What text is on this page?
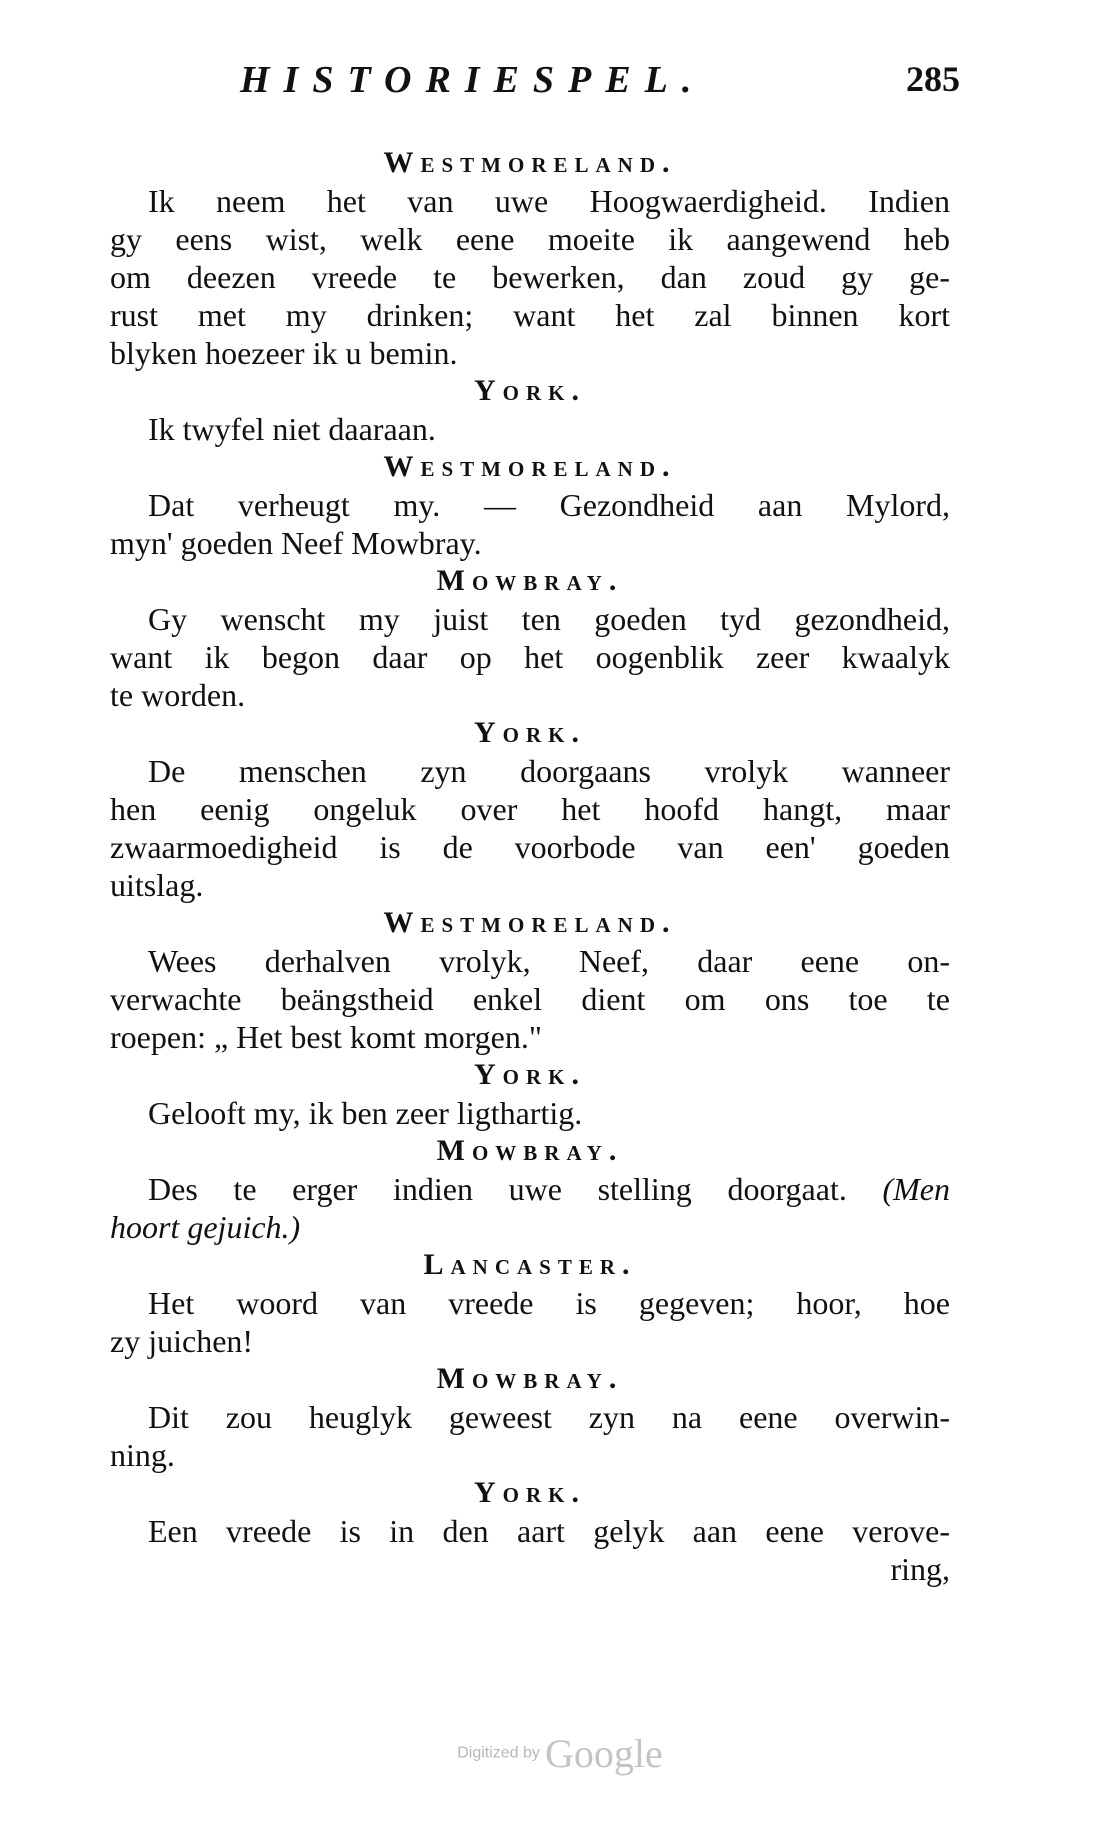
HISTORIESPEL.	285
Westmoreland.
Ik neem het van uwe Hoogwaerdigheid. Indien
gy eens wist, welk eene moeite ik aangewend heb
om deezen vreede te bewerken, dan zoud gy ge-
rust met my drinken; want het zal binnen kort
blyken hoezeer ik u bemin.
York.
Ik twyfel niet daaraan.
Westmoreland.
Dat verheugt my. — Gezondheid aan Mylord,
myn' goeden Neef Mowbray.
Mowbray.
Gy wenscht my juist ten goeden tyd gezondheid,
want ik begon daar op het oogenblik zeer kwaalyk
te worden.
York.
De menschen zyn doorgaans vrolyk wanneer
hen eenig ongeluk over het hoofd hangt, maar
zwaarmoedigheid is de voorbode van een' goeden
uitslag.
Westmoreland.
Wees derhalven vrolyk, Neef, daar eene on-
verwachte beängstheid enkel dient om ons toe te
roepen: „ Het best komt morgen."
York.
Gelooft my, ik ben zeer ligthartig.
Mowbray.
Des te erger indien uwe stelling doorgaat. (Men
hoort gejuich.)
Lancaster.
Het woord van vreede is gegeven; hoor, hoe
zy juichen!
Mowbray.
Dit zou heuglyk geweest zyn na eene overwin-
ning.
York.
Een vreede is in den aart gelyk aan eene verove-
ring,
Digitized by Google
